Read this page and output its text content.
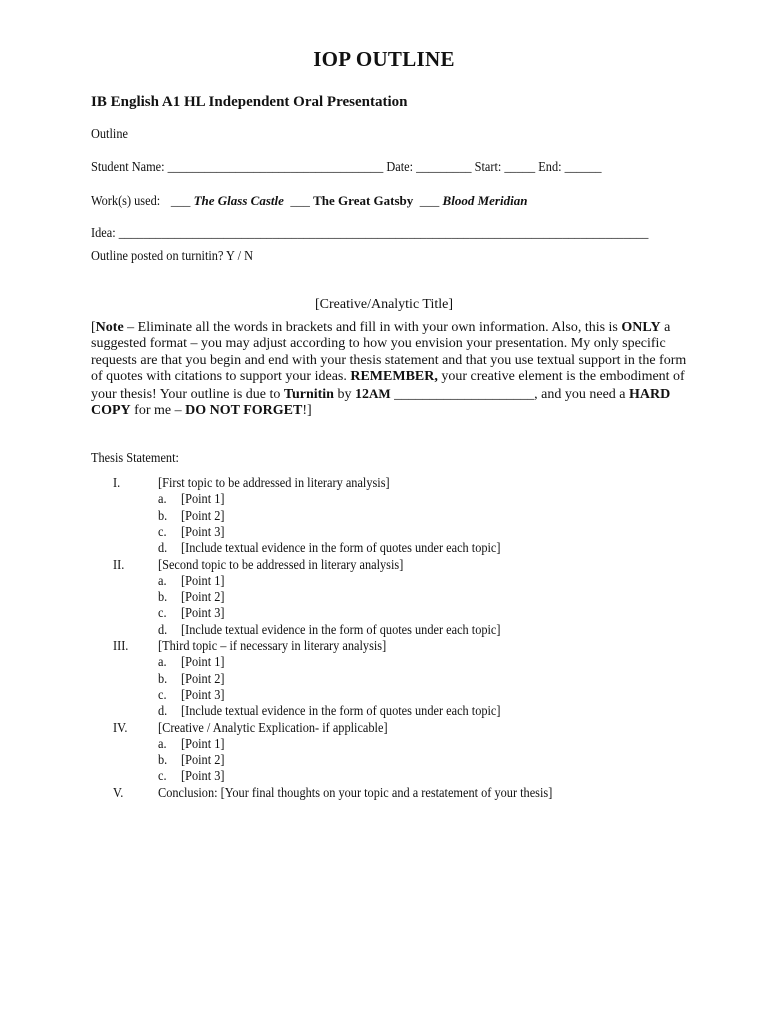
IOP OUTLINE
IB English A1 HL Independent Oral Presentation
Outline
Student Name: ___________________________________ Date: _________ Start: _____ End: ______
Work(s) used: ___ The Glass Castle ___ The Great Gatsby ___ Blood Meridian
Idea: ______________________________________________________________________________________
Outline posted on turnitin? Y / N
[Creative/Analytic Title]
[Note – Eliminate all the words in brackets and fill in with your own information. Also, this is ONLY a suggested format – you may adjust according to how you envision your presentation. My only specific requests are that you begin and end with your thesis statement and that you use textual support in the form of quotes with citations to support your ideas. REMEMBER, your creative element is the embodiment of your thesis! Your outline is due to Turnitin by 12AM ____________________, and you need a HARD COPY for me – DO NOT FORGET!]
Thesis Statement:
I.	[First topic to be addressed in literary analysis]
a. [Point 1]
b. [Point 2]
c. [Point 3]
d. [Include textual evidence in the form of quotes under each topic]
II. [Second topic to be addressed in literary analysis]
a. [Point 1]
b. [Point 2]
c. [Point 3]
d. [Include textual evidence in the form of quotes under each topic]
III. [Third topic – if necessary in literary analysis]
a. [Point 1]
b. [Point 2]
c. [Point 3]
d. [Include textual evidence in the form of quotes under each topic]
IV. [Creative / Analytic Explication- if applicable]
a. [Point 1]
b. [Point 2]
c. [Point 3]
V. Conclusion: [Your final thoughts on your topic and a restatement of your thesis]
